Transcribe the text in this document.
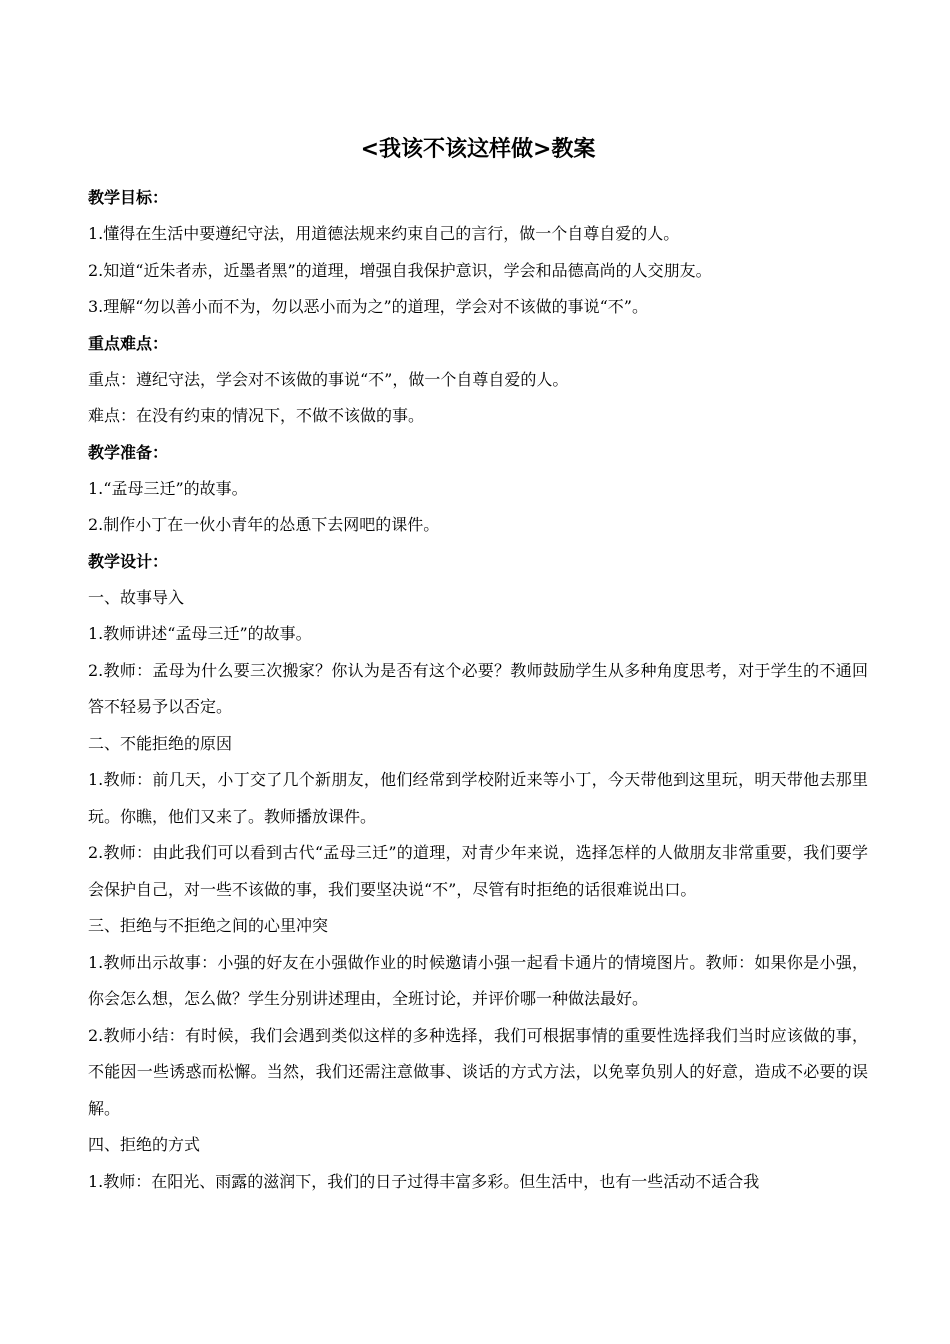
<我该不该这样做>教案

教学目标：

1.懂得在生活中要遵纪守法，用道德法规来约束自己的言行，做一个自尊自爱的人。

2.知道“近朱者赤，近墨者黑”的道理，增强自我保护意识，学会和品德高尚的人交朋友。

3.理解“勿以善小而不为，勿以恶小而为之”的道理，学会对不该做的事说“不”。

重点难点：

重点：遵纪守法，学会对不该做的事说“不”，做一个自尊自爱的人。

难点：在没有约束的情况下，不做不该做的事。

教学准备：

1.“孟母三迁”的故事。

2.制作小丁在一伙小青年的怂恿下去网吧的课件。

教学设计：

一、故事导入

1.教师讲述“孟母三迁”的故事。

2.教师：孟母为什么要三次搬家？你认为是否有这个必要？教师鼓励学生从多种角度思考，对于学生的不通回答不轻易予以否定。

二、不能拒绝的原因

1.教师：前几天，小丁交了几个新朋友，他们经常到学校附近来等小丁，今天带他到这里玩，明天带他去那里玩。你瞧，他们又来了。教师播放课件。

2.教师：由此我们可以看到古代“孟母三迁”的道理，对青少年来说，选择怎样的人做朋友非常重要，我们要学会保护自己，对一些不该做的事，我们要坚决说“不”，尽管有时拒绝的话很难说出口。

三、拒绝与不拒绝之间的心里冲突

1.教师出示故事：小强的好友在小强做作业的时候邀请小强一起看卡通片的情境图片。教师：如果你是小强，你会怎么想，怎么做？学生分别讲述理由，全班讨论，并评价哪一种做法最好。

2.教师小结：有时候，我们会遇到类似这样的多种选择，我们可根据事情的重要性选择我们当时应该做的事，不能因一些诱惑而松懈。当然，我们还需注意做事、谈话的方式方法，以免辜负别人的好意，造成不必要的误解。

四、拒绝的方式

1.教师：在阳光、雨露的滋润下，我们的日子过得丰富多彩。但生活中，也有一些活动不适合我
